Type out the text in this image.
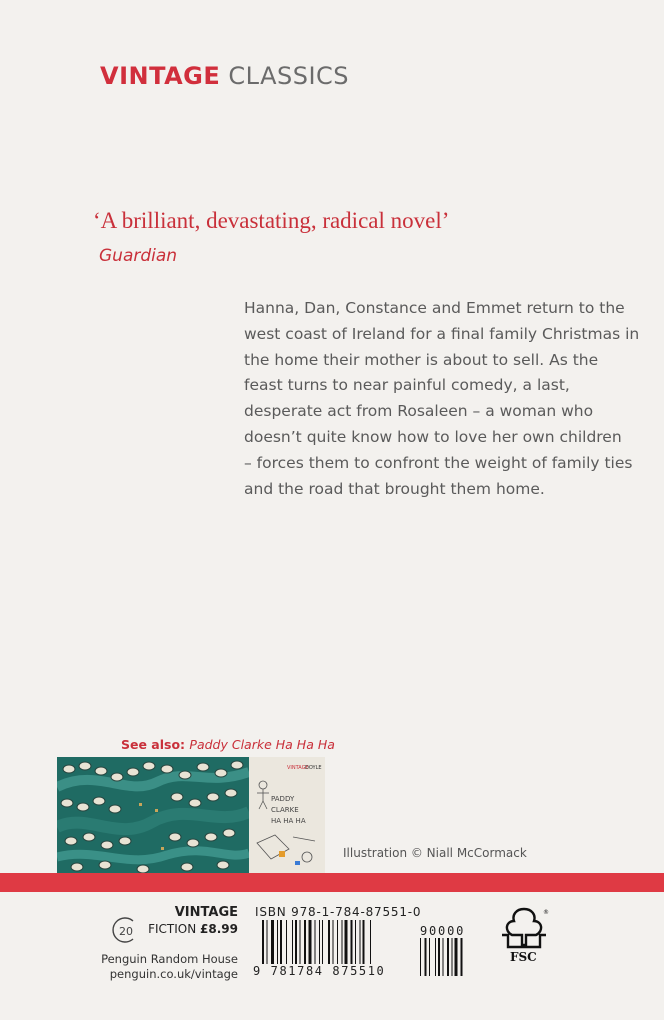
VINTAGE CLASSICS
‘A brilliant, devastating, radical novel’
Guardian
Hanna, Dan, Constance and Emmet return to the
west coast of Ireland for a final family Christmas in
the home their mother is about to sell. As the
feast turns to near painful comedy, a last,
desperate act from Rosaleen – a woman who
doesn’t quite know how to love her own children
– forces them to confront the weight of family ties
and the road that brought them home.
See also: Paddy Clarke Ha Ha Ha
VINTAGE
DOYLE
PADDY
CLARKE
HA HA HA
Illustration © Niall McCormack
20
VINTAGE
FICTION £8.99
Penguin Random House
penguin.co.uk/vintage
ISBN 978-1-784-87551-0
9 781784 875510
90000
®
FSC
